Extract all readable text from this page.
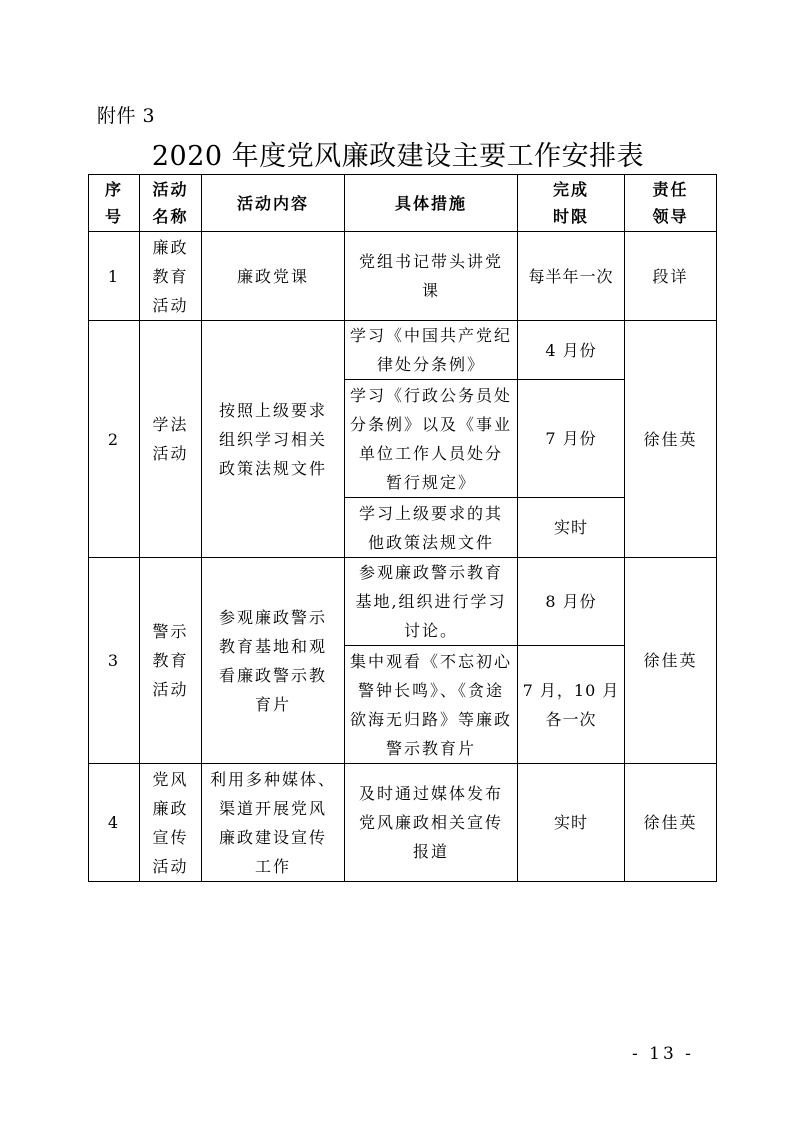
附件 3
2020 年度党风廉政建设主要工作安排表
序
号	活动
名称	活动内容	具体措施	完成
时限	责任
领导

1	廉政
教育
活动	廉政党课	党组书记带头讲党
课	每半年一次	段详

2	学法
活动	按照上级要求
组织学习相关
政策法规文件	学习《中国共产党纪
律处分条例》	4 月份	徐佳英

			学习《行政公务员处
分条例》以及《事业
单位工作人员处分
暂行规定》	7 月份	

			学习上级要求的其
他政策法规文件	实时	

3	警示
教育
活动	参观廉政警示
教育基地和观
看廉政警示教
育片	参观廉政警示教育
基地,组织进行学习
讨论。	8 月份	徐佳英

			集中观看《不忘初心
警钟长鸣》、《贪途
欲海无归路》等廉政
警示教育片	7 月，10 月
各一次	

4	党风
廉政
宣传
活动	利用多种媒体、
渠道开展党风
廉政建设宣传
工作	及时通过媒体发布
党风廉政相关宣传
报道	实时	徐佳英
- 13 -
